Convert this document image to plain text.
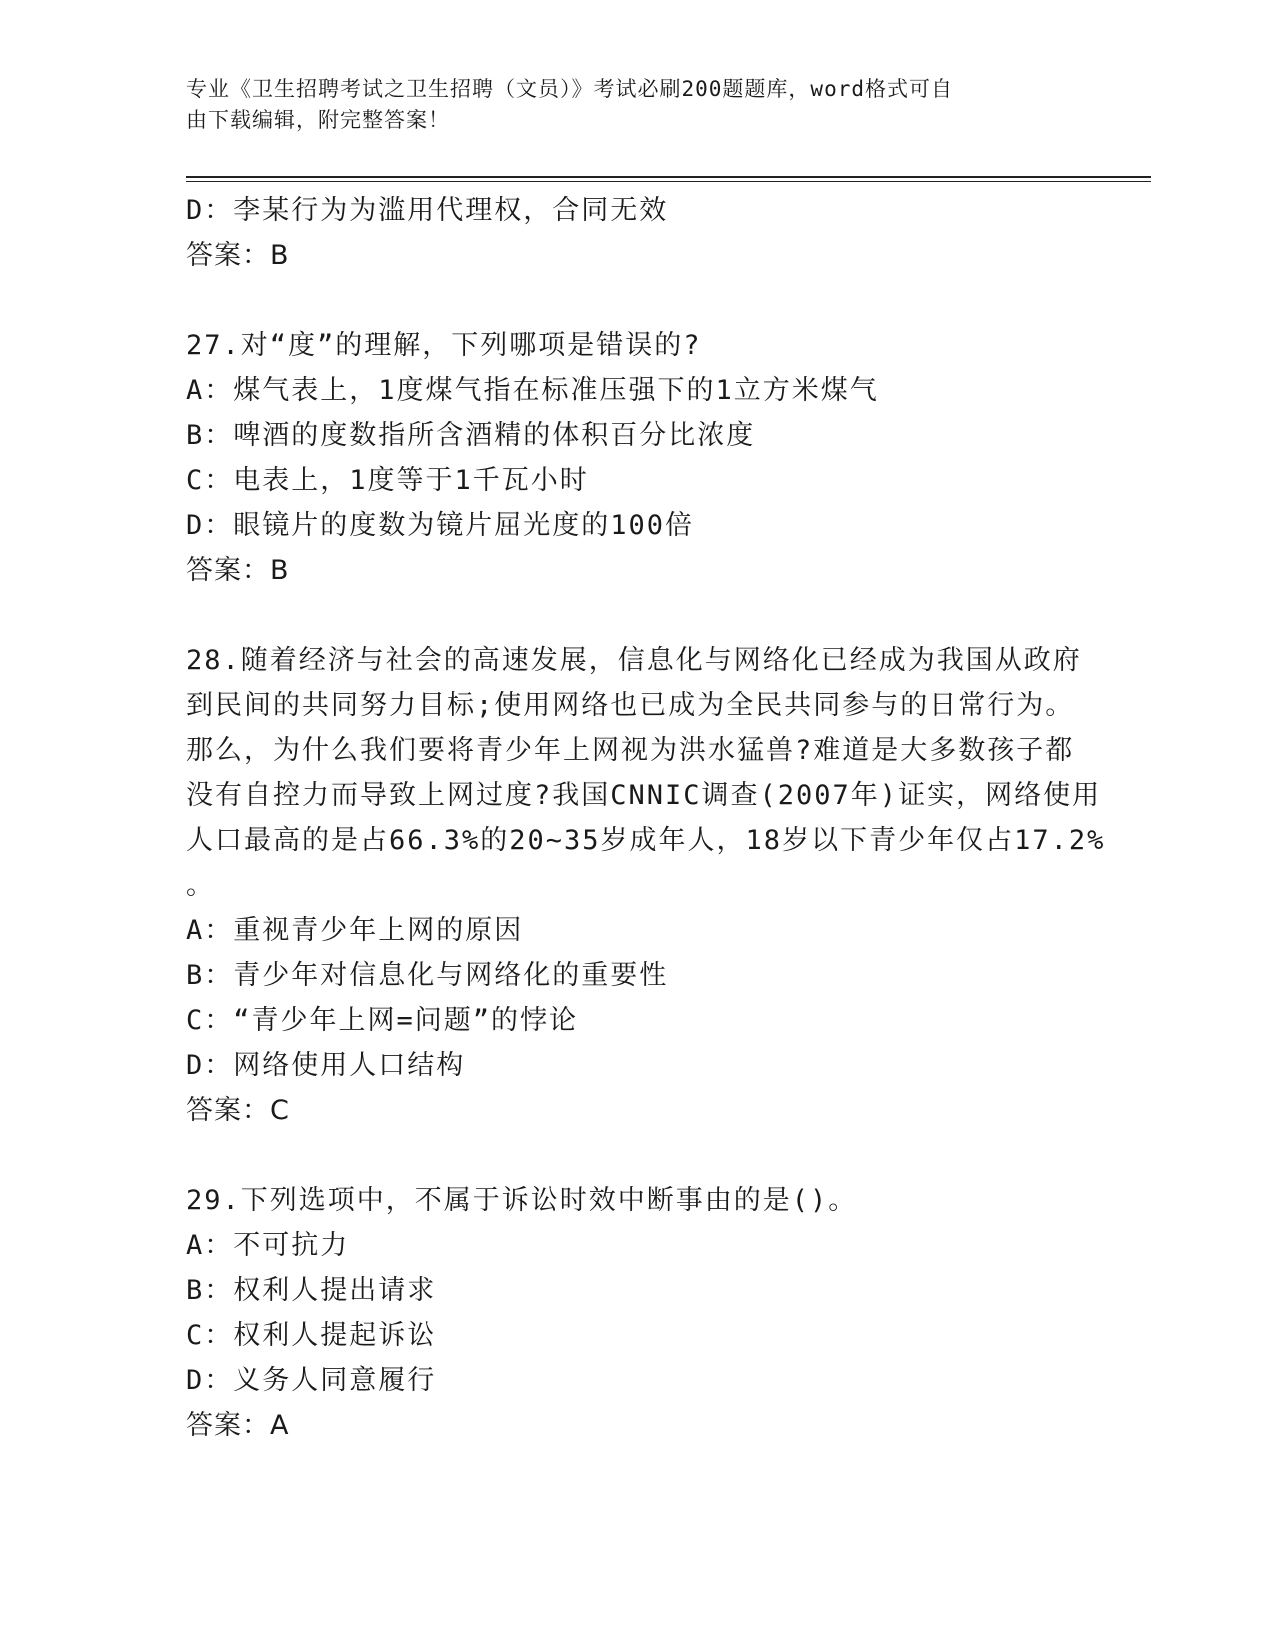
专业《卫生招聘考试之卫生招聘（文员）》考试必刷200题题库，word格式可自
由下载编辑，附完整答案！
D：李某行为为滥用代理权，合同无效
答案：B
27.对“度”的理解，下列哪项是错误的?
A：煤气表上，1度煤气指在标准压强下的1立方米煤气
B：啤酒的度数指所含酒精的体积百分比浓度
C：电表上，1度等于1千瓦小时
D：眼镜片的度数为镜片屈光度的100倍
答案：B
28.随着经济与社会的高速发展，信息化与网络化已经成为我国从政府
到民间的共同努力目标;使用网络也已成为全民共同参与的日常行为。
那么，为什么我们要将青少年上网视为洪水猛兽?难道是大多数孩子都
没有自控力而导致上网过度?我国CNNIC调查(2007年)证实，网络使用
人口最高的是占66.3%的20~35岁成年人，18岁以下青少年仅占17.2%
。
A：重视青少年上网的原因
B：青少年对信息化与网络化的重要性
C：“青少年上网=问题”的悖论
D：网络使用人口结构
答案：C
29.下列选项中，不属于诉讼时效中断事由的是()。
A：不可抗力
B：权利人提出请求
C：权利人提起诉讼
D：义务人同意履行
答案：A
